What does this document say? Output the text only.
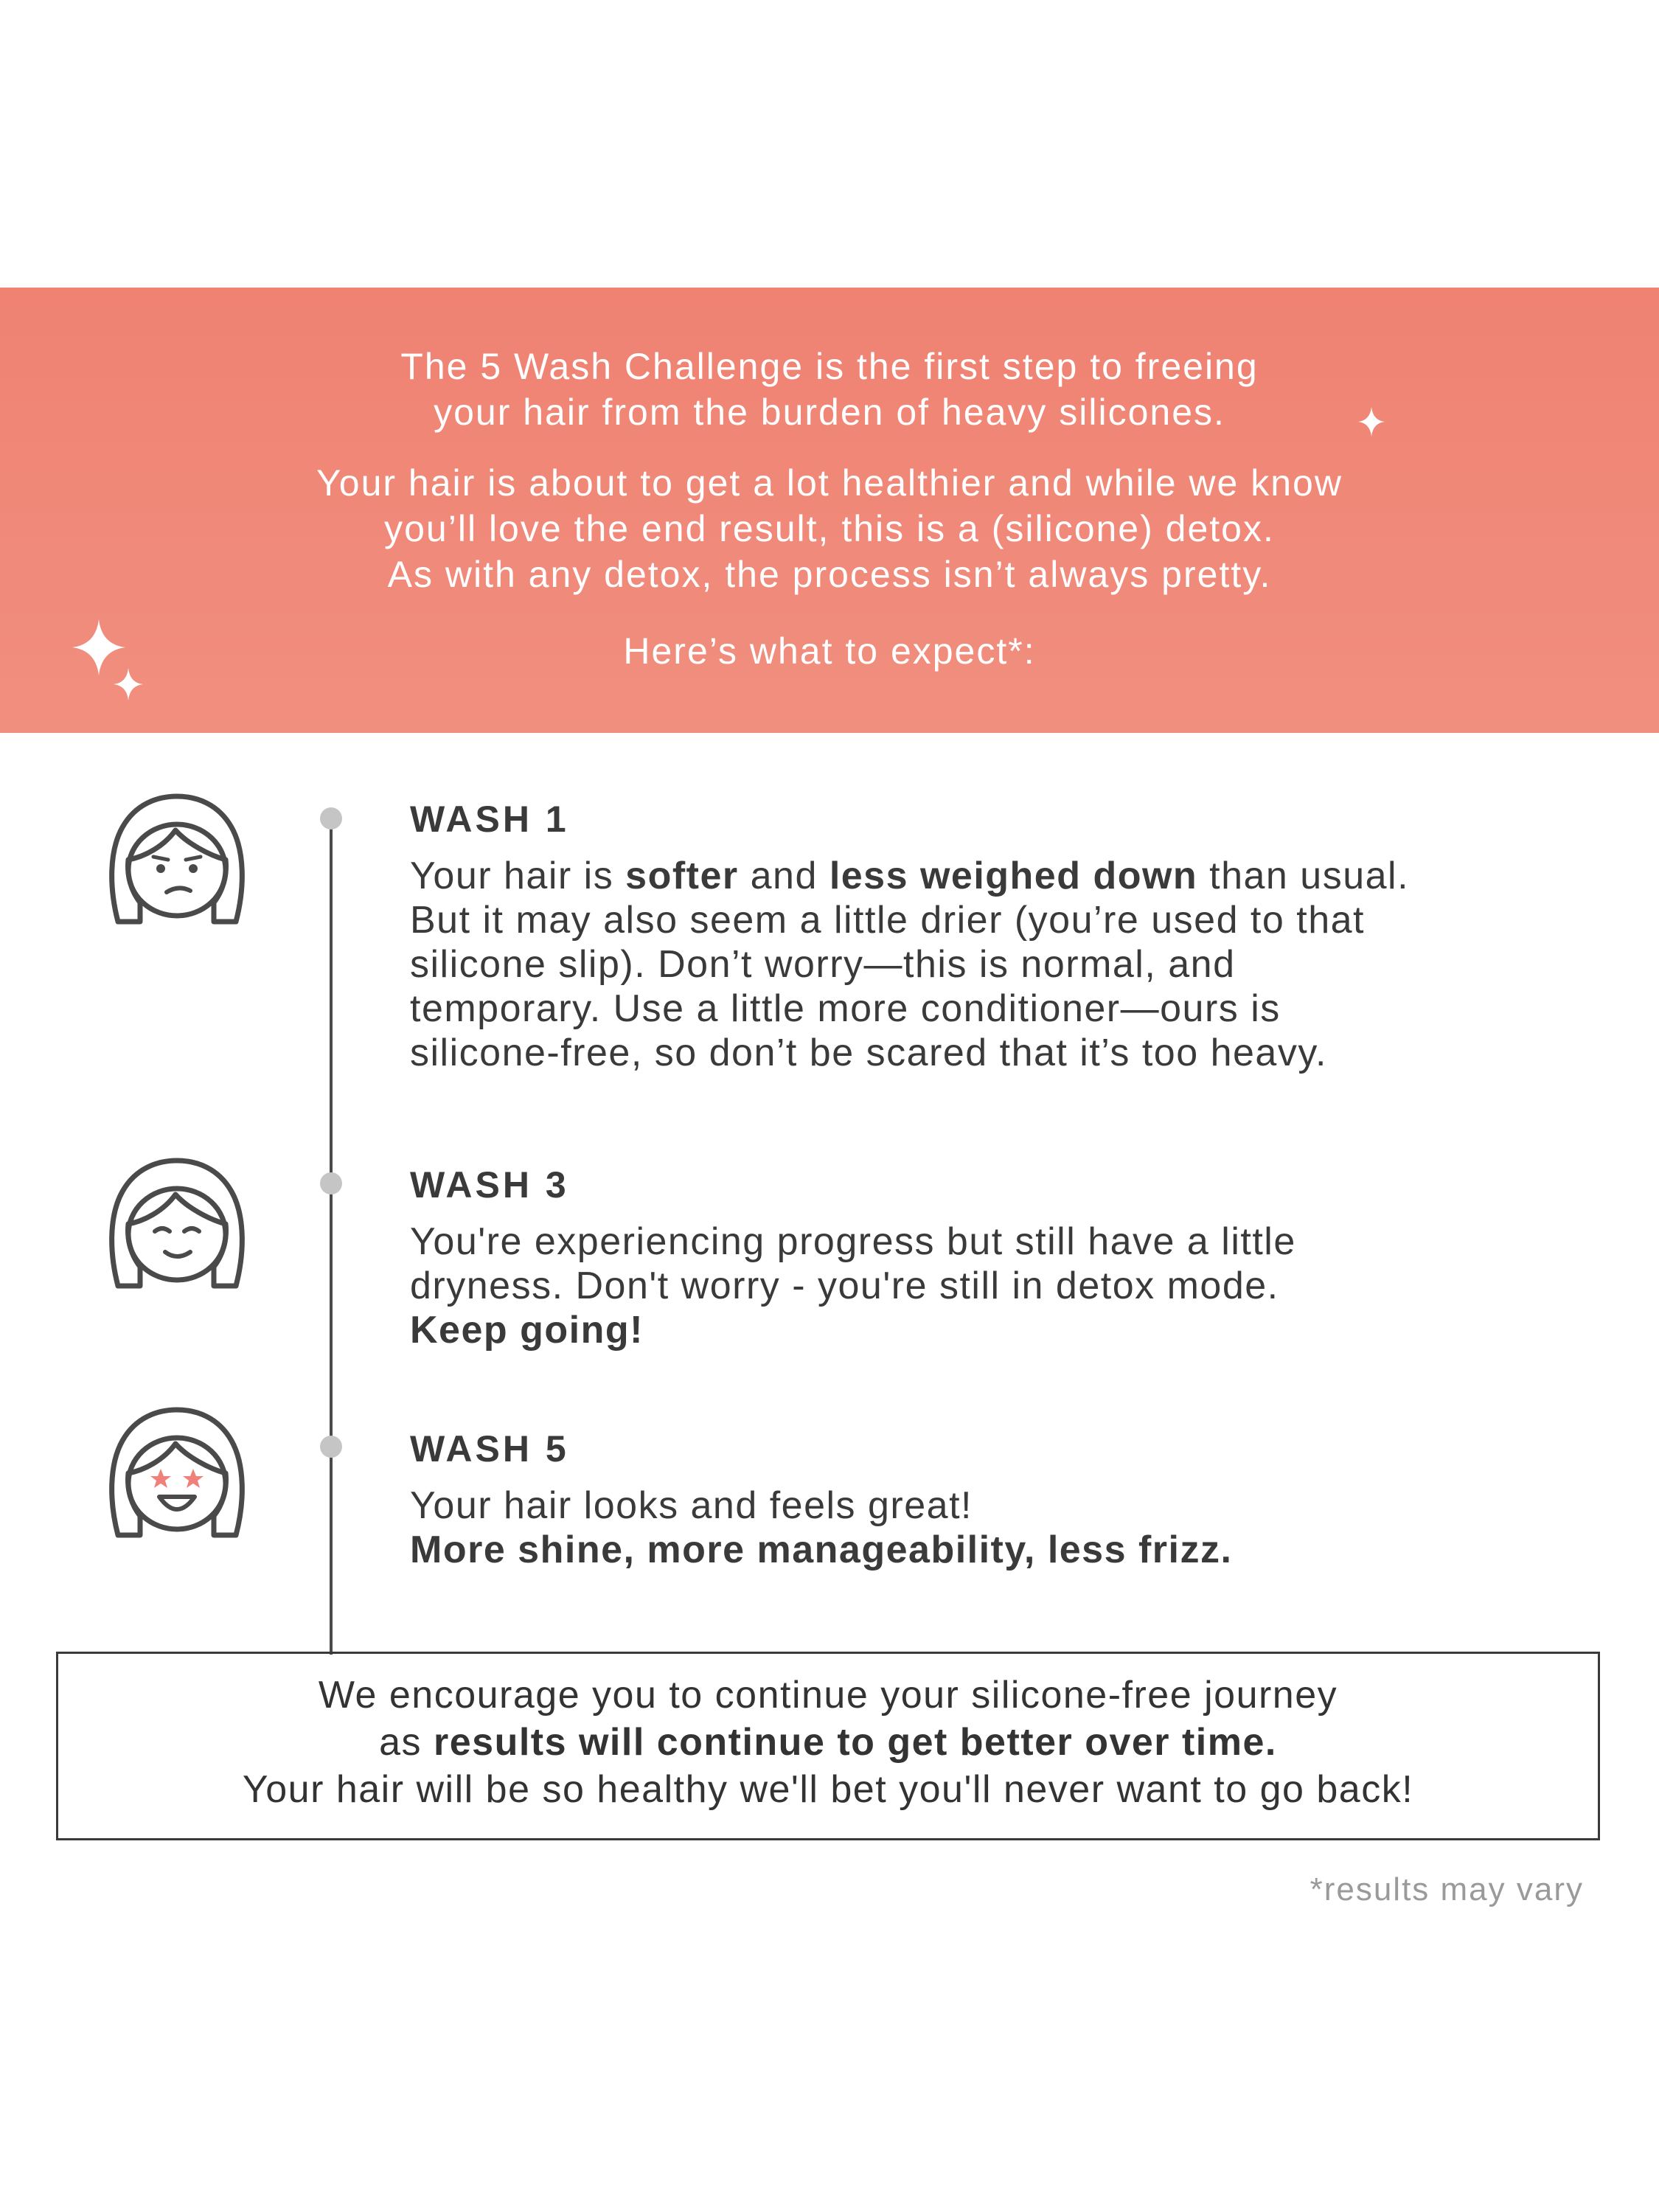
The 5 Wash Challenge is the first step to freeing
your hair from the burden of heavy silicones.
Your hair is about to get a lot healthier and while we know
you’ll love the end result, this is a (silicone) detox.
As with any detox, the process isn’t always pretty.
Here’s what to expect*:
WASH 1
Your hair is softer and less weighed down than usual.
But it may also seem a little drier (you’re used to that
silicone slip). Don’t worry—this is normal, and
temporary. Use a little more conditioner—ours is
silicone-free, so don’t be scared that it’s too heavy.
WASH 3
You're experiencing progress but still have a little
dryness. Don't worry - you're still in detox mode.
Keep going!
WASH 5
Your hair looks and feels great!
More shine, more manageability, less frizz.
We encourage you to continue your silicone-free journey
as results will continue to get better over time.
Your hair will be so healthy we'll bet you'll never want to go back!
*results may vary
